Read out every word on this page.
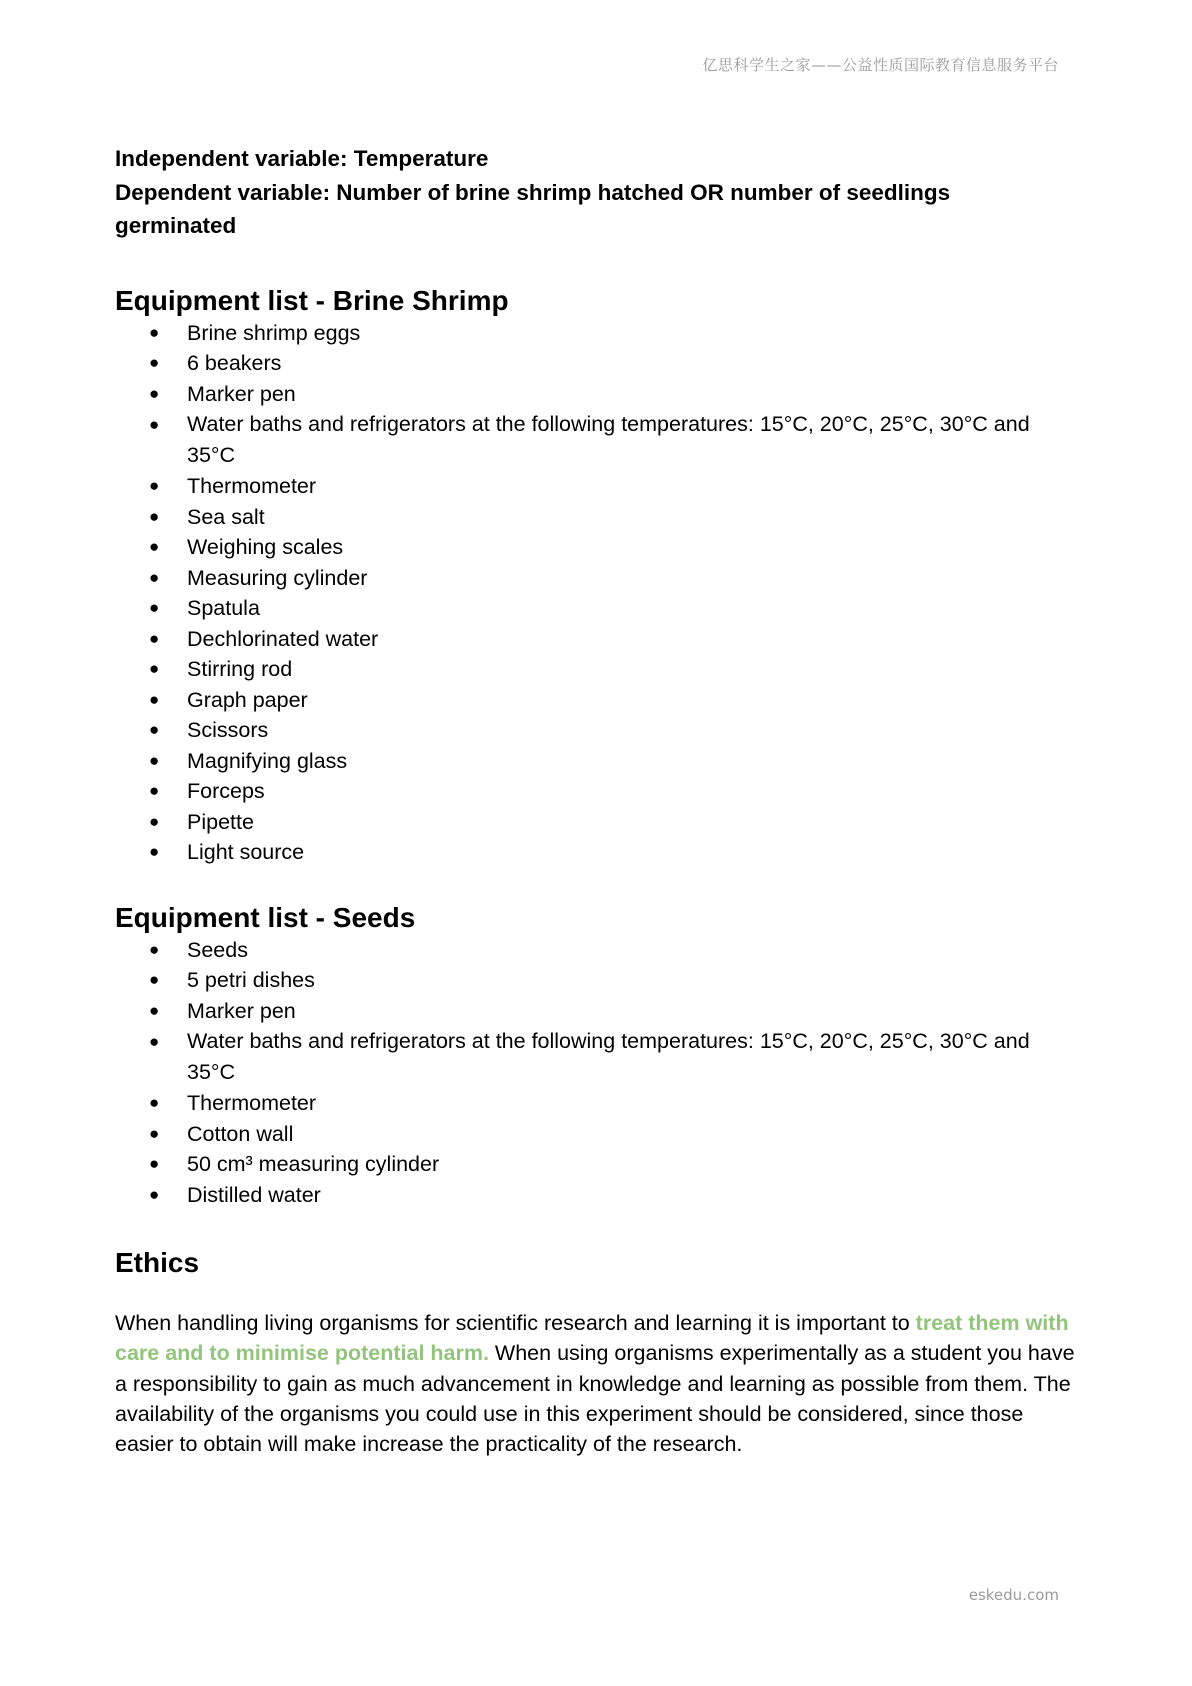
亿思科学生之家——公益性质国际教育信息服务平台

Independent variable: Temperature

Dependent variable: Number of brine shrimp hatched OR number of seedlings germinated

Equipment list - Brine Shrimp
● Brine shrimp eggs
● 6 beakers
● Marker pen
● Water baths and refrigerators at the following temperatures: 15°C, 20°C, 25°C, 30°C and 35°C
● Thermometer
● Sea salt
● Weighing scales
● Measuring cylinder
● Spatula
● Dechlorinated water
● Stirring rod
● Graph paper
● Scissors
● Magnifying glass
● Forceps
● Pipette
● Light source
Equipment list - Seeds
● Seeds
● 5 petri dishes
● Marker pen
● Water baths and refrigerators at the following temperatures: 15°C, 20°C, 25°C, 30°C and 35°C
● Thermometer
● Cotton wall
● 50 cm³ measuring cylinder
● Distilled water
Ethics

When handling living organisms for scientific research and learning it is important to treat them with care and to minimise potential harm. When using organisms experimentally as a student you have a responsibility to gain as much advancement in knowledge and learning as possible from them. The availability of the organisms you could use in this experiment should be considered, since those easier to obtain will make increase the practicality of the research.

eskedu.com
